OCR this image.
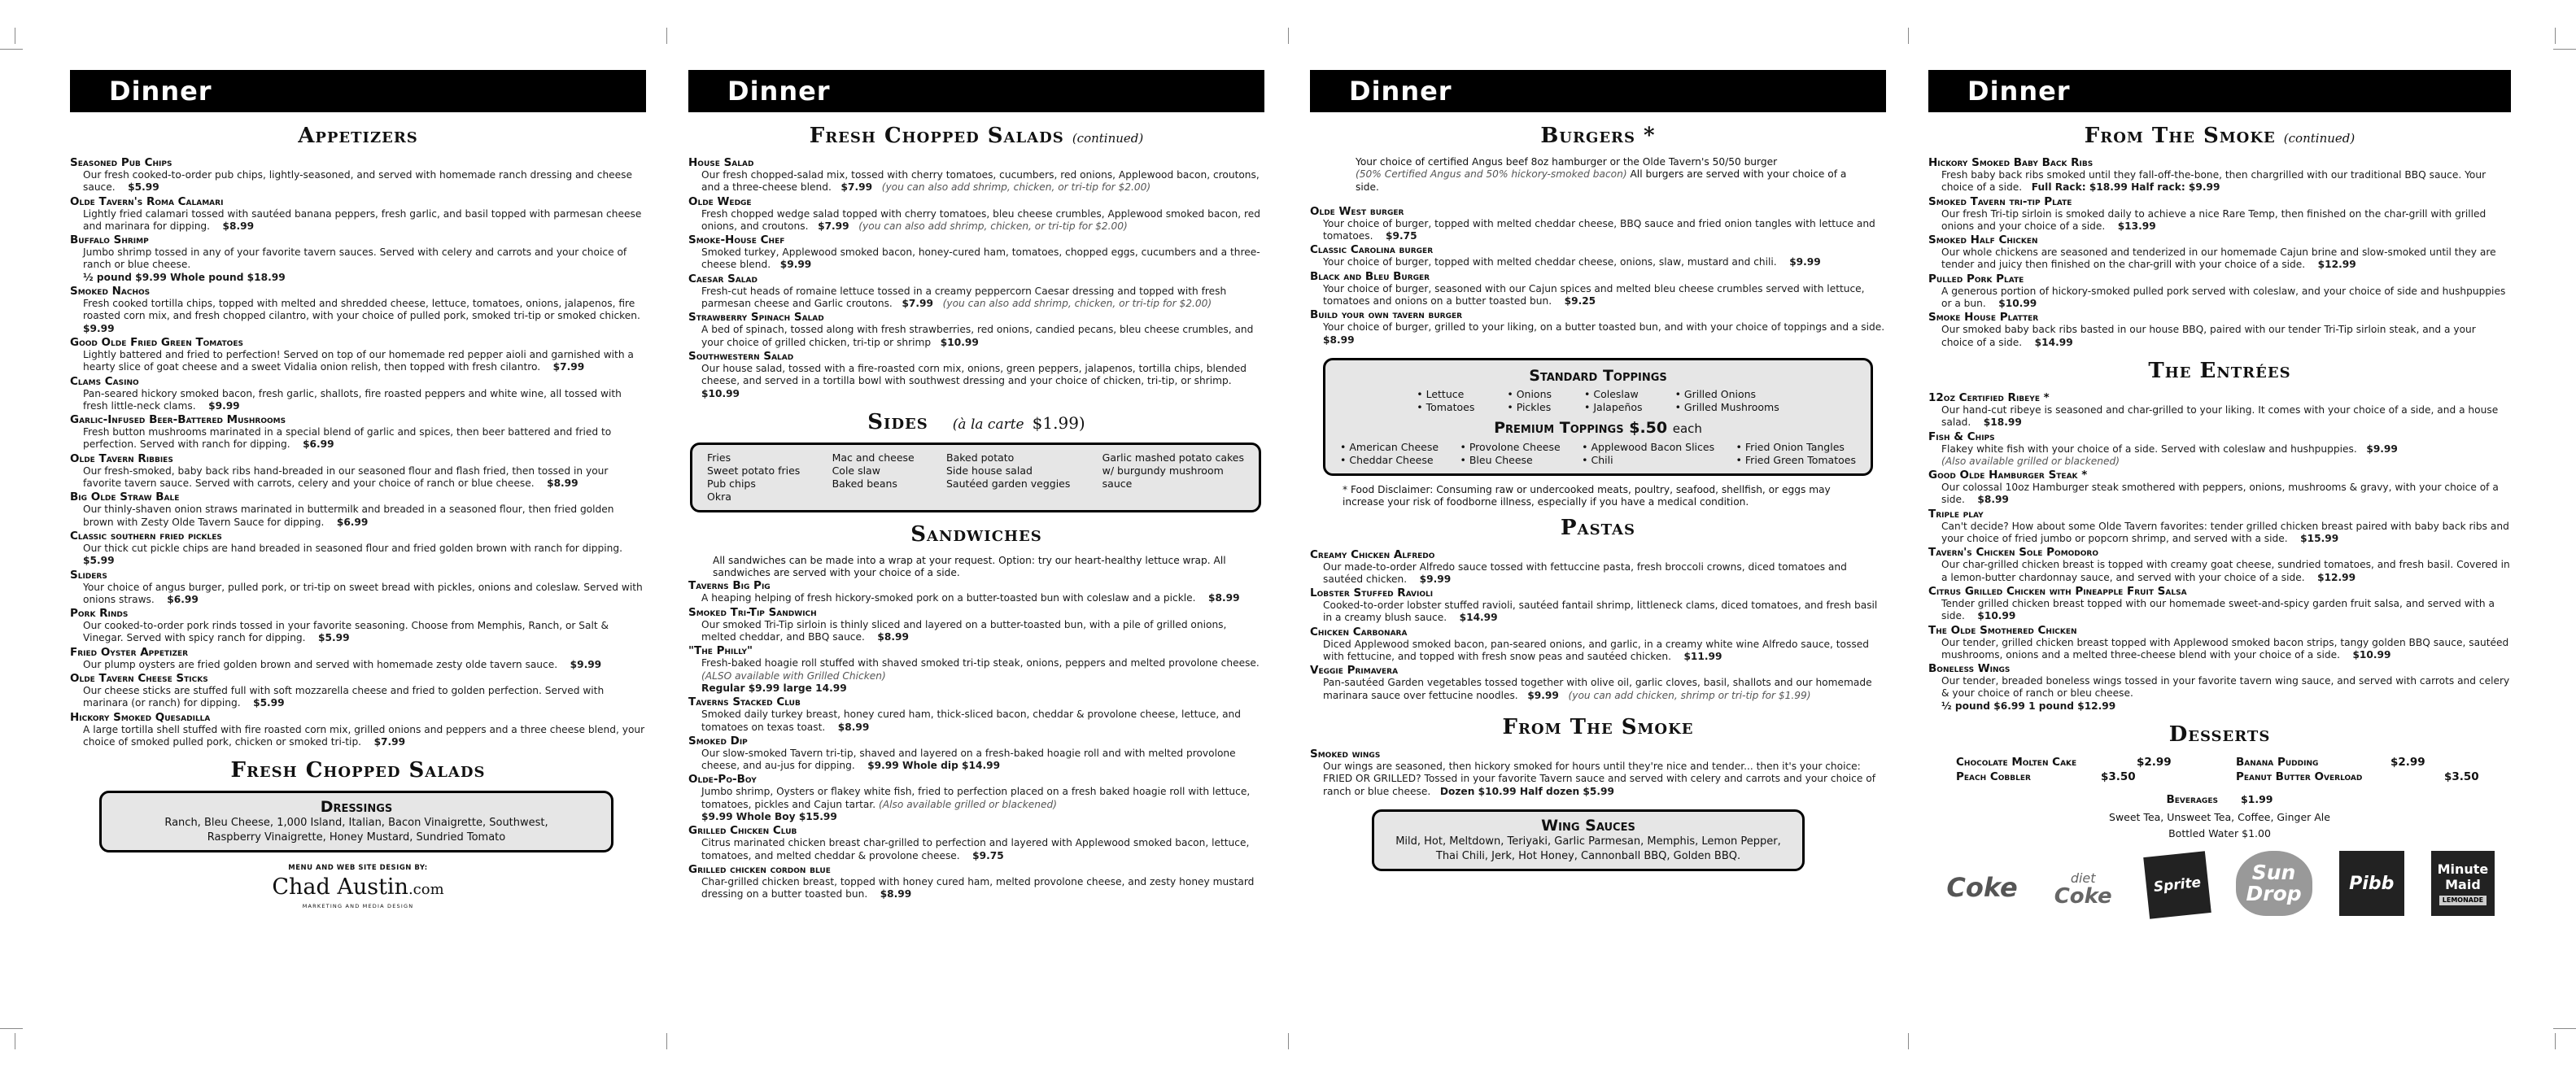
Dinner
Appetizers
Seasoned Pub Chips
Our fresh cooked-to-order pub chips, lightly-seasoned, and served with homemade ranch dressing and cheese sauce. $5.99
Olde Tavern's Roma Calamari
Lightly fried calamari tossed with sautéed banana peppers, fresh garlic, and basil topped with parmesan cheese and marinara for dipping. $8.99
Buffalo Shrimp
Jumbo shrimp tossed in any of your favorite tavern sauces. Served with celery and carrots and your choice of ranch or blue cheese.
½ pound $9.99 Whole pound $18.99
Smoked Nachos
Fresh cooked tortilla chips, topped with melted and shredded cheese, lettuce, tomatoes, onions, jalapenos, fire roasted corn mix, and fresh chopped cilantro, with your choice of pulled pork, smoked tri-tip or smoked chicken.
$9.99
Good Olde Fried Green Tomatoes
Lightly battered and fried to perfection! Served on top of our homemade red pepper aioli and garnished with a hearty slice of goat cheese and a sweet Vidalia onion relish, then topped with fresh cilantro. $7.99
Clams Casino
Pan-seared hickory smoked bacon, fresh garlic, shallots, fire roasted peppers and white wine, all tossed with fresh little-neck clams. $9.99
Garlic-Infused Beer-Battered Mushrooms
Fresh button mushrooms marinated in a special blend of garlic and spices, then beer battered and fried to perfection. Served with ranch for dipping. $6.99
Olde Tavern Ribbies
Our fresh-smoked, baby back ribs hand-breaded in our seasoned flour and flash fried, then tossed in your favorite tavern sauce. Served with carrots, celery and your choice of ranch or blue cheese. $8.99
Big Olde Straw Bale
Our thinly-shaven onion straws marinated in buttermilk and breaded in a seasoned flour, then fried golden brown with Zesty Olde Tavern Sauce for dipping. $6.99
Classic southern fried pickles
Our thick cut pickle chips are hand breaded in seasoned flour and fried golden brown with ranch for dipping.
$5.99
Sliders
Your choice of angus burger, pulled pork, or tri-tip on sweet bread with pickles, onions and coleslaw. Served with onions straws. $6.99
Pork Rinds
Our cooked-to-order pork rinds tossed in your favorite seasoning. Choose from Memphis, Ranch, or Salt & Vinegar. Served with spicy ranch for dipping. $5.99
Fried Oyster Appetizer
Our plump oysters are fried golden brown and served with homemade zesty olde tavern sauce. $9.99
Olde Tavern Cheese Sticks
Our cheese sticks are stuffed full with soft mozzarella cheese and fried to golden perfection. Served with marinara (or ranch) for dipping. $5.99
Hickory Smoked Quesadilla
A large tortilla shell stuffed with fire roasted corn mix, grilled onions and peppers and a three cheese blend, your choice of smoked pulled pork, chicken or smoked tri-tip. $7.99
Fresh Chopped Salads
Dressings
Ranch, Bleu Cheese, 1,000 Island, Italian, Bacon Vinaigrette, Southwest,
Raspberry Vinaigrette, Honey Mustard, Sundried Tomato
MENU AND WEB SITE DESIGN BY:
Chad Austin.com
MARKETING AND MEDIA DESIGN
Dinner
Fresh Chopped Salads (continued)
House Salad
Our fresh chopped-salad mix, tossed with cherry tomatoes, cucumbers, red onions, Applewood bacon, croutons, and a three-cheese blend. $7.99 (you can also add shrimp, chicken, or tri-tip for $2.00)
Olde Wedge
Fresh chopped wedge salad topped with cherry tomatoes, bleu cheese crumbles, Applewood smoked bacon, red onions, and croutons. $7.99 (you can also add shrimp, chicken, or tri-tip for $2.00)
Smoke-House Chef
Smoked turkey, Applewood smoked bacon, honey-cured ham, tomatoes, chopped eggs, cucumbers and a three-cheese blend. $9.99
Caesar Salad
Fresh-cut heads of romaine lettuce tossed in a creamy peppercorn Caesar dressing and topped with fresh parmesan cheese and Garlic croutons. $7.99 (you can also add shrimp, chicken, or tri-tip for $2.00)
Strawberry Spinach Salad
A bed of spinach, tossed along with fresh strawberries, red onions, candied pecans, bleu cheese crumbles, and your choice of grilled chicken, tri-tip or shrimp $10.99
Southwestern Salad
Our house salad, tossed with a fire-roasted corn mix, onions, green peppers, jalapenos, tortilla chips, blended cheese, and served in a tortilla bowl with southwest dressing and your choice of chicken, tri-tip, or shrimp.
$10.99
Sides (à la carte $1.99)
Fries
Sweet potato fries
Pub chips
Okra
Mac and cheese
Cole slaw
Baked beans
Baked potato
Side house salad
Sautéed garden veggies
Garlic mashed potato cakes
w/ burgundy mushroom
sauce
Sandwiches
All sandwiches can be made into a wrap at your request. Option: try our heart-healthy lettuce wrap. All sandwiches are served with your choice of a side.
Taverns Big Pig
A heaping helping of fresh hickory-smoked pork on a butter-toasted bun with coleslaw and a pickle. $8.99
Smoked Tri-Tip Sandwich
Our smoked Tri-Tip sirloin is thinly sliced and layered on a butter-toasted bun, with a pile of grilled onions, melted cheddar, and BBQ sauce. $8.99
"The Philly"
Fresh-baked hoagie roll stuffed with shaved smoked tri-tip steak, onions, peppers and melted provolone cheese.
(ALSO available with Grilled Chicken)
Regular $9.99 large 14.99
Taverns Stacked Club
Smoked daily turkey breast, honey cured ham, thick-sliced bacon, cheddar & provolone cheese, lettuce, and tomatoes on texas toast. $8.99
Smoked Dip
Our slow-smoked Tavern tri-tip, shaved and layered on a fresh-baked hoagie roll and with melted provolone cheese, and au-jus for dipping. $9.99 Whole dip $14.99
Olde-Po-Boy
Jumbo shrimp, Oysters or flakey white fish, fried to perfection placed on a fresh baked hoagie roll with lettuce, tomatoes, pickles and Cajun tartar. (Also available grilled or blackened)
$9.99 Whole Boy $15.99
Grilled Chicken Club
Citrus marinated chicken breast char-grilled to perfection and layered with Applewood smoked bacon, lettuce, tomatoes, and melted cheddar & provolone cheese. $9.75
Grilled chicken cordon blue
Char-grilled chicken breast, topped with honey cured ham, melted provolone cheese, and zesty honey mustard dressing on a butter toasted bun. $8.99
Dinner
Burgers *
Your choice of certified Angus beef 8oz hamburger or the Olde Tavern's 50/50 burger
(50% Certified Angus and 50% hickory-smoked bacon) All burgers are served with your choice of a side.
Olde West burger
Your choice of burger, topped with melted cheddar cheese, BBQ sauce and fried onion tangles with lettuce and tomatoes. $9.75
Classic Carolina burger
Your choice of burger, topped with melted cheddar cheese, onions, slaw, mustard and chili. $9.99
Black and Bleu Burger
Your choice of burger, seasoned with our Cajun spices and melted bleu cheese crumbles served with lettuce, tomatoes and onions on a butter toasted bun. $9.25
Build your own tavern burger
Your choice of burger, grilled to your liking, on a butter toasted bun, and with your choice of toppings and a side.
$8.99
Standard Toppings
• Lettuce
• Tomatoes
• Onions
• Pickles
• Coleslaw
• Jalapeños
• Grilled Onions
• Grilled Mushrooms
Premium Toppings $.50 each
• American Cheese
• Cheddar Cheese
• Provolone Cheese
• Bleu Cheese
• Applewood Bacon Slices
• Chili
• Fried Onion Tangles
• Fried Green Tomatoes
* Food Disclaimer: Consuming raw or undercooked meats, poultry, seafood, shellfish, or eggs may increase your risk of foodborne illness, especially if you have a medical condition.
Pastas
Creamy Chicken Alfredo
Our made-to-order Alfredo sauce tossed with fettuccine pasta, fresh broccoli crowns, diced tomatoes and sautéed chicken. $9.99
Lobster Stuffed Ravioli
Cooked-to-order lobster stuffed ravioli, sautéed fantail shrimp, littleneck clams, diced tomatoes, and fresh basil in a creamy blush sauce. $14.99
Chicken Carbonara
Diced Applewood smoked bacon, pan-seared onions, and garlic, in a creamy white wine Alfredo sauce, tossed with fettucine, and topped with fresh snow peas and sautéed chicken. $11.99
Veggie Primavera
Pan-sautéed Garden vegetables tossed together with olive oil, garlic cloves, basil, shallots and our homemade marinara sauce over fettucine noodles. $9.99 (you can add chicken, shrimp or tri-tip for $1.99)
From The Smoke
Smoked wings
Our wings are seasoned, then hickory smoked for hours until they're nice and tender... then it's your choice: FRIED OR GRILLED? Tossed in your favorite Tavern sauce and served with celery and carrots and your choice of ranch or blue cheese. Dozen $10.99 Half dozen $5.99
Wing Sauces
Mild, Hot, Meltdown, Teriyaki, Garlic Parmesan, Memphis, Lemon Pepper,
Thai Chili, Jerk, Hot Honey, Cannonball BBQ, Golden BBQ.
Dinner
From The Smoke (continued)
Hickory Smoked Baby Back Ribs
Fresh baby back ribs smoked until they fall-off-the-bone, then chargrilled with our traditional BBQ sauce. Your choice of a side. Full Rack: $18.99 Half rack: $9.99
Smoked Tavern tri-tip Plate
Our fresh Tri-tip sirloin is smoked daily to achieve a nice Rare Temp, then finished on the char-grill with grilled onions and your choice of a side. $13.99
Smoked Half Chicken
Our whole chickens are seasoned and tenderized in our homemade Cajun brine and slow-smoked until they are tender and juicy then finished on the char-grill with your choice of a side. $12.99
Pulled Pork Plate
A generous portion of hickory-smoked pulled pork served with coleslaw, and your choice of side and hushpuppies or a bun. $10.99
Smoke House Platter
Our smoked baby back ribs basted in our house BBQ, paired with our tender Tri-Tip sirloin steak, and a your choice of a side. $14.99
The Entrées
12oz Certified Ribeye *
Our hand-cut ribeye is seasoned and char-grilled to your liking. It comes with your choice of a side, and a house salad. $18.99
Fish & Chips
Flakey white fish with your choice of a side. Served with coleslaw and hushpuppies. $9.99   (Also available grilled or blackened)
Good Olde Hamburger Steak *
Our colossal 10oz Hamburger steak smothered with peppers, onions, mushrooms & gravy, with your choice of a side. $8.99
Triple play
Can't decide? How about some Olde Tavern favorites: tender grilled chicken breast paired with baby back ribs and your choice of fried jumbo or popcorn shrimp, and served with a side. $15.99
Tavern's Chicken Sole Pomodoro
Our char-grilled chicken breast is topped with creamy goat cheese, sundried tomatoes, and fresh basil. Covered in a lemon-butter chardonnay sauce, and served with your choice of a side. $12.99
Citrus Grilled Chicken with Pineapple Fruit Salsa
Tender grilled chicken breast topped with our homemade sweet-and-spicy garden fruit salsa, and served with a side. $10.99
The Olde Smothered Chicken
Our tender, grilled chicken breast topped with Applewood smoked bacon strips, tangy golden BBQ sauce, sautéed mushrooms, onions and a melted three-cheese blend with your choice of a side. $10.99
Boneless Wings
Our tender, breaded boneless wings tossed in your favorite tavern wing sauce, and served with carrots and celery & your choice of ranch or bleu cheese.
½ pound $6.99 1 pound $12.99
Desserts
Chocolate Molten Cake	$2.99	Banana Pudding	$2.99
Peach Cobbler	$3.50	Peanut Butter Overload	$3.50
Beverages $1.99
Sweet Tea, Unsweet Tea, Coffee, Ginger Ale
Bottled Water $1.00
Coke	diet
Coke	Sprite
Sun
Drop	Pibb
Minute
Maid
LEMONADE
